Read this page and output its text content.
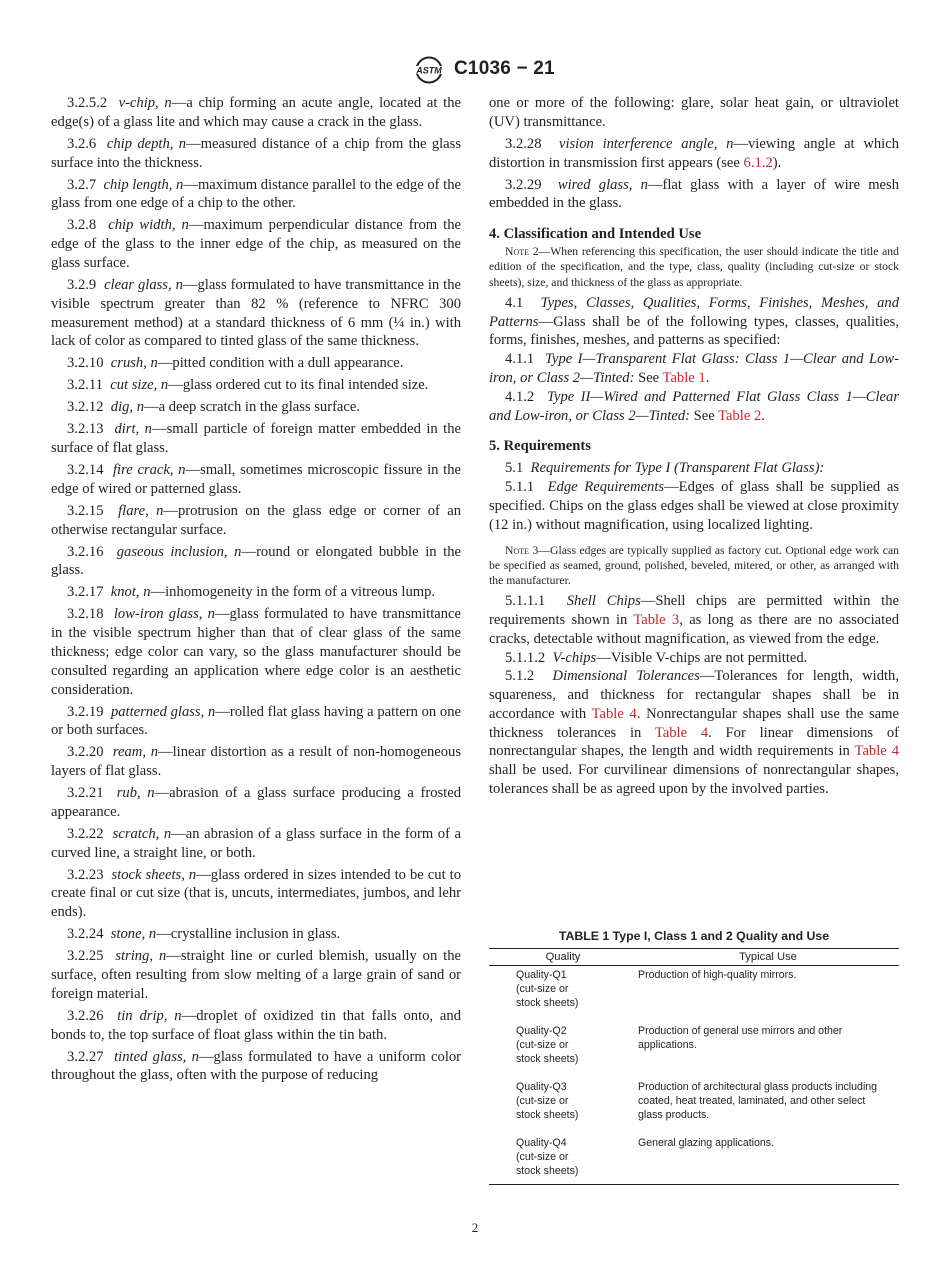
ASTM C1036 − 21

3.2.5.2 v-chip, n—a chip forming an acute angle, located at the edge(s) of a glass lite and which may cause a crack in the glass.

3.2.6 chip depth, n—measured distance of a chip from the glass surface into the thickness.

3.2.7 chip length, n—maximum distance parallel to the edge of the glass from one edge of a chip to the other.

3.2.8 chip width, n—maximum perpendicular distance from the edge of the glass to the inner edge of the chip, as measured on the glass surface.

3.2.9 clear glass, n—glass formulated to have transmittance in the visible spectrum greater than 82 % (reference to NFRC 300 measurement method) at a standard thickness of 6 mm (¼ in.) with lack of color as compared to tinted glass of the same thickness.

3.2.10 crush, n—pitted condition with a dull appearance.

3.2.11 cut size, n—glass ordered cut to its final intended size.

3.2.12 dig, n—a deep scratch in the glass surface.

3.2.13 dirt, n—small particle of foreign matter embedded in the surface of flat glass.

3.2.14 fire crack, n—small, sometimes microscopic fissure in the edge of wired or patterned glass.

3.2.15 flare, n—protrusion on the glass edge or corner of an otherwise rectangular surface.

3.2.16 gaseous inclusion, n—round or elongated bubble in the glass.

3.2.17 knot, n—inhomogeneity in the form of a vitreous lump.

3.2.18 low-iron glass, n—glass formulated to have transmittance in the visible spectrum higher than that of clear glass of the same thickness; edge color can vary, so the glass manufacturer should be consulted regarding an application where edge color is an aesthetic consideration.

3.2.19 patterned glass, n—rolled flat glass having a pattern on one or both surfaces.

3.2.20 ream, n—linear distortion as a result of non-homogeneous layers of flat glass.

3.2.21 rub, n—abrasion of a glass surface producing a frosted appearance.

3.2.22 scratch, n—an abrasion of a glass surface in the form of a curved line, a straight line, or both.

3.2.23 stock sheets, n—glass ordered in sizes intended to be cut to create final or cut size (that is, uncuts, intermediates, jumbos, and lehr ends).

3.2.24 stone, n—crystalline inclusion in glass.

3.2.25 string, n—straight line or curled blemish, usually on the surface, often resulting from slow melting of a large grain of sand or foreign material.

3.2.26 tin drip, n—droplet of oxidized tin that falls onto, and bonds to, the top surface of float glass within the tin bath.

3.2.27 tinted glass, n—glass formulated to have a uniform color throughout the glass, often with the purpose of reducing

one or more of the following: glare, solar heat gain, or ultraviolet (UV) transmittance.

3.2.28 vision interference angle, n—viewing angle at which distortion in transmission first appears (see 6.1.2).

3.2.29 wired glass, n—flat glass with a layer of wire mesh embedded in the glass.

4. Classification and Intended Use

Note 2—When referencing this specification, the user should indicate the title and edition of the specification, and the type, class, quality (including cut-size or stock sheets), size, and thickness of the glass as appropriate.

4.1 Types, Classes, Qualities, Forms, Finishes, Meshes, and Patterns—Glass shall be of the following types, classes, qualities, forms, finishes, meshes, and patterns as specified:

4.1.1 Type I—Transparent Flat Glass: Class 1—Clear and Low-iron, or Class 2—Tinted: See Table 1.

4.1.2 Type II—Wired and Patterned Flat Glass Class 1—Clear and Low-iron, or Class 2—Tinted: See Table 2.

5. Requirements

5.1 Requirements for Type I (Transparent Flat Glass):

5.1.1 Edge Requirements—Edges of glass shall be supplied as specified. Chips on the glass edges shall be viewed at close proximity (12 in.) without magnification, using localized lighting.

Note 3—Glass edges are typically supplied as factory cut. Optional edge work can be specified as seamed, ground, polished, beveled, mitered, or other, as arranged with the manufacturer.

5.1.1.1 Shell Chips—Shell chips are permitted within the requirements shown in Table 3, as long as there are no associated cracks, detectable without magnification, as viewed from the edge.

5.1.1.2 V-chips—Visible V-chips are not permitted.

5.1.2 Dimensional Tolerances—Tolerances for length, width, squareness, and thickness for rectangular shapes shall be in accordance with Table 4. Nonrectangular shapes shall use the same thickness tolerances in Table 4. For linear dimensions of nonrectangular shapes, the length and width requirements in Table 4 shall be used. For curvilinear dimensions of nonrectangular shapes, tolerances shall be as agreed upon by the involved parties.

TABLE 1 Type I, Class 1 and 2 Quality and Use
Quality	Typical Use
Quality-Q1
(cut-size or
stock sheets)
Production of high-quality mirrors.
Quality-Q2
(cut-size or
stock sheets)
Production of general use mirrors and other applications.
Quality-Q3
(cut-size or
stock sheets)
Production of architectural glass products including coated, heat treated, laminated, and other select glass products.
Quality-Q4
(cut-size or
stock sheets)
General glazing applications.
2
